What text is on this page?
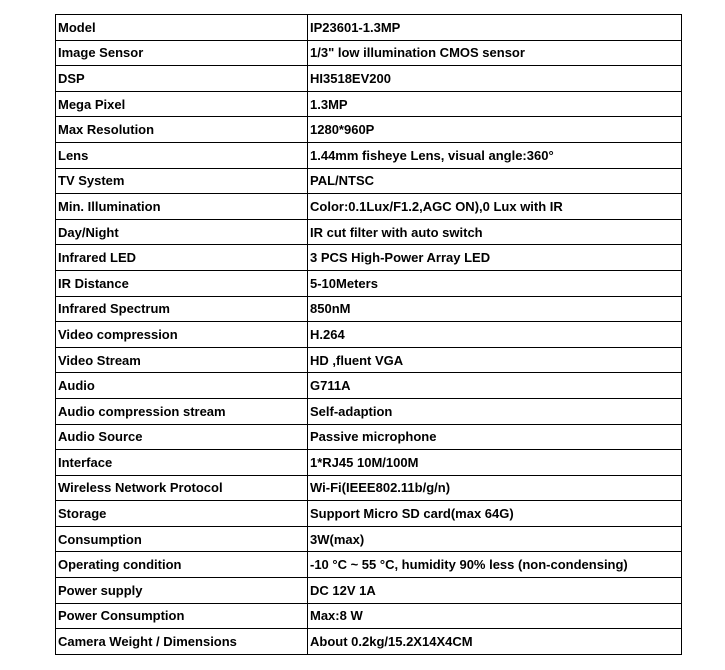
Model	IP23601-1.3MP
Image Sensor	1/3" low illumination CMOS sensor
DSP	HI3518EV200
Mega Pixel	1.3MP
Max Resolution	1280*960P
Lens	1.44mm fisheye Lens, visual angle:360°
TV System	PAL/NTSC
Min. Illumination	Color:0.1Lux/F1.2,AGC ON),0 Lux with IR
Day/Night	IR cut filter with auto switch
Infrared LED	3 PCS High-Power Array LED
IR Distance	5-10Meters
Infrared Spectrum	850nM
Video compression	H.264
Video Stream	HD ,fluent VGA
Audio	G711A
Audio compression stream	Self-adaption
Audio Source	Passive microphone
Interface	1*RJ45 10M/100M
Wireless Network Protocol	Wi-Fi(IEEE802.11b/g/n)
Storage	Support Micro SD card(max 64G)
Consumption	3W(max)
Operating condition	-10 °C ~ 55 °C, humidity 90% less (non-condensing)
Power supply	DC 12V 1A
Power Consumption	Max:8 W
Camera Weight / Dimensions	About 0.2kg/15.2X14X4CM
